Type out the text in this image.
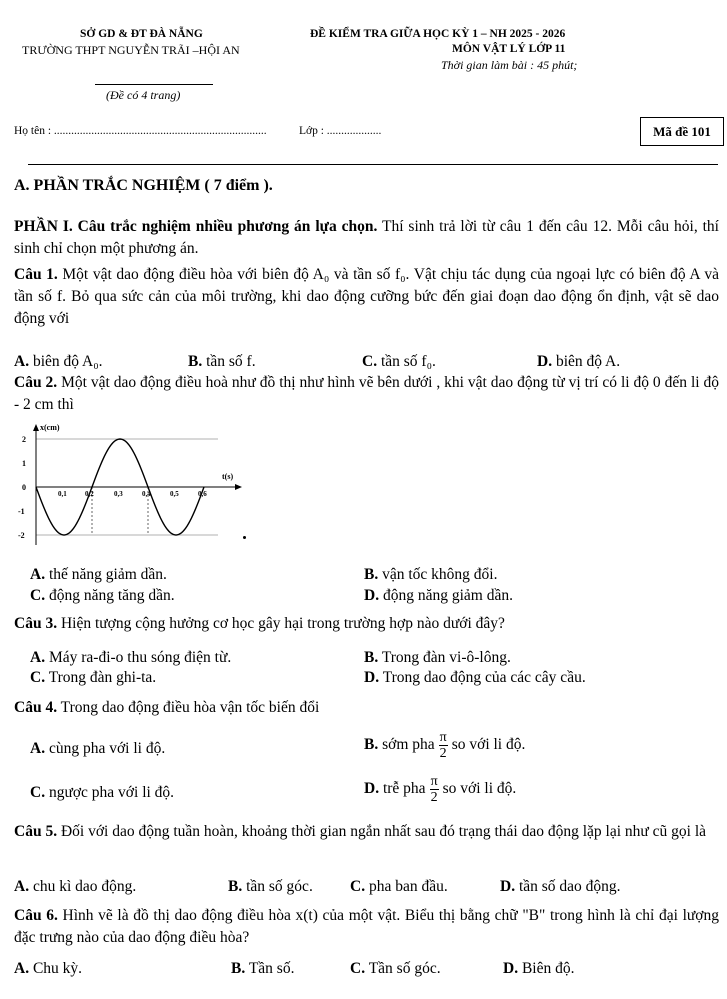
SỞ GD & ĐT ĐÀ NẴNG
TRƯỜNG THPT NGUYỄN TRÃI –HỘI AN
(Đề có 4 trang)
ĐỀ KIỂM TRA GIỮA HỌC KỲ 1 – NH 2025 - 2026
MÔN VẬT LÝ LỚP 11
Thời gian làm bài : 45 phút;
Họ tên : ..........................................................................	Lớp : ...................	Mã đề 101
A. PHẦN TRẮC NGHIỆM ( 7 điểm ).
PHẦN I. Câu trắc nghiệm nhiều phương án lựa chọn. Thí sinh trả lời từ câu 1 đến câu 12. Mỗi câu hỏi, thí sinh chỉ chọn một phương án.
Câu 1. Một vật dao động điều hòa với biên độ A₀ và tần số f₀. Vật chịu tác dụng của ngoại lực có biên độ A và tần số f. Bỏ qua sức cản của môi trường, khi dao động cưỡng bức đến giai đoạn dao động ổn định, vật sẽ dao động với
A. biên độ A₀.	B. tần số f.	C. tần số f₀.	D. biên độ A.
Câu 2. Một vật dao động điều hoà như đồ thị như hình vẽ bên dưới , khi vật dao động từ vị trí có li độ 0 đến li độ - 2 cm thì
x(cm)
2
1
0
-1
-2
t(s)
0,1	0,2	0,3	0,4	0,5	0,6
A. thế năng giảm dần.	B. vận tốc không đổi.
C. động năng tăng dần.	D. động năng giảm dần.
Câu 3. Hiện tượng cộng hưởng cơ học gây hại trong trường hợp nào dưới đây?
A. Máy ra-đi-o thu sóng điện từ.	B. Trong đàn vi-ô-lông.
C. Trong đàn ghi-ta.	D. Trong dao động của các cây cầu.
Câu 4. Trong dao động điều hòa vận tốc biến đổi
A. cùng pha với li độ.	B. sớm pha $\frac{\pi}{2}$ so với li độ.
C. ngược pha với li độ.	D. trễ pha $\frac{\pi}{2}$ so với li độ.
Câu 5. Đối với dao động tuần hoàn, khoảng thời gian ngắn nhất sau đó trạng thái dao động lặp lại như cũ gọi là
A. chu kì dao động.	B. tần số góc. C. pha ban đầu.	D. tần số dao động.
Câu 6. Hình vẽ là đồ thị dao động điều hòa x(t) của một vật. Biểu thị bằng chữ "B" trong hình là chỉ đại lượng đặc trưng nào của dao động điều hòa?
A. Chu kỳ.	B. Tần số.	C. Tần số góc.	D. Biên độ.
